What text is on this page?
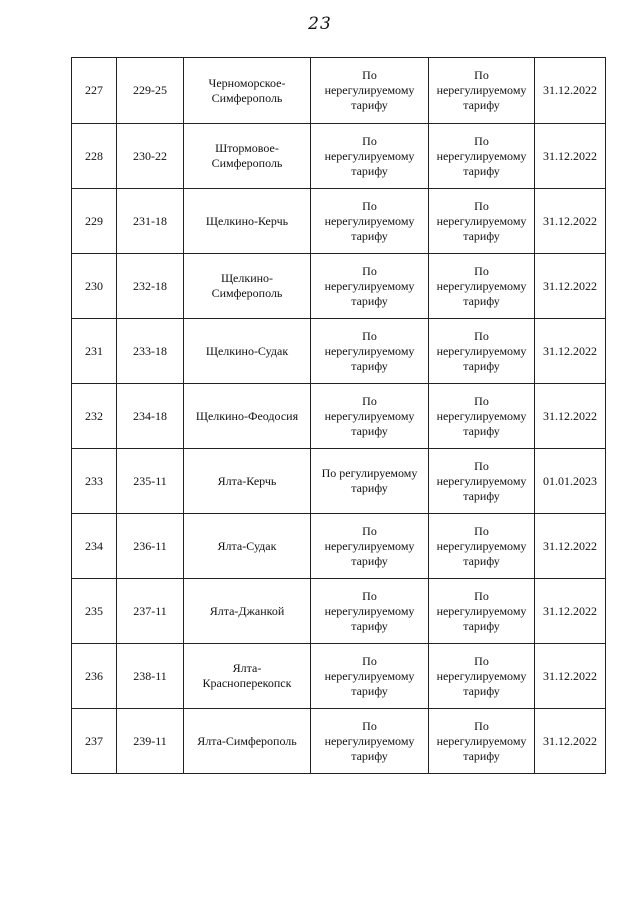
23
227	229-25	Черноморское-
Симферополь	По
нерегулируемому
тарифу	По
нерегулируемому
тарифу	31.12.2022
228	230-22	Штормовое-
Симферополь	По
нерегулируемому
тарифу	По
нерегулируемому
тарифу	31.12.2022
229	231-18	Щелкино-Керчь	По
нерегулируемому
тарифу	По
нерегулируемому
тарифу	31.12.2022
230	232-18	Щелкино-
Симферополь	По
нерегулируемому
тарифу	По
нерегулируемому
тарифу	31.12.2022
231	233-18	Щелкино-Судак	По
нерегулируемому
тарифу	По
нерегулируемому
тарифу	31.12.2022
232	234-18	Щелкино-Феодосия	По
нерегулируемому
тарифу	По
нерегулируемому
тарифу	31.12.2022
233	235-11	Ялта-Керчь	По регулируемому
тарифу	По
нерегулируемому
тарифу	01.01.2023
234	236-11	Ялта-Судак	По
нерегулируемому
тарифу	По
нерегулируемому
тарифу	31.12.2022
235	237-11	Ялта-Джанкой	По
нерегулируемому
тарифу	По
нерегулируемому
тарифу	31.12.2022
236	238-11	Ялта-
Красноперекопск	По
нерегулируемому
тарифу	По
нерегулируемому
тарифу	31.12.2022
237	239-11	Ялта-Симферополь	По
нерегулируемому
тарифу	По
нерегулируемому
тарифу	31.12.2022
